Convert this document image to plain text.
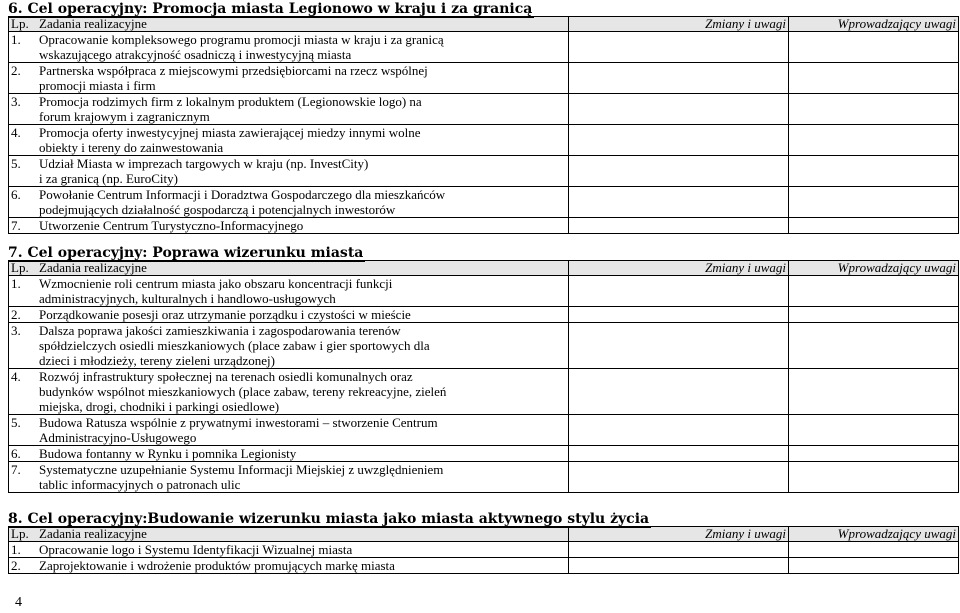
6. Cel operacyjny: Promocja miasta Legionowo w kraju i za granicą
Lp. Zadania realizacyjne	Zmiany i uwagi	Wprowadzający uwagi

1. Opracowanie kompleksowego programu promocji miasta w kraju i za granicą
wskazującego atrakcyjność osadniczą i inwestycyjną miasta		

2. Partnerska współpraca z miejscowymi przedsiębiorcami na rzecz wspólnej
promocji miasta i firm		

3. Promocja rodzimych firm z lokalnym produktem (Legionowskie logo) na
forum krajowym i zagranicznym		

4. Promocja oferty inwestycyjnej miasta zawierającej miedzy innymi wolne
obiekty i tereny do zainwestowania		

5. Udział Miasta w imprezach targowych w kraju (np. InvestCity)
i za granicą (np. EuroCity)		

6. Powołanie Centrum Informacji i Doradztwa Gospodarczego dla mieszkańców
podejmujących działalność gospodarczą i potencjalnych inwestorów		

7. Utworzenie Centrum Turystyczno-Informacyjnego		

7. Cel operacyjny: Poprawa wizerunku miasta
Lp. Zadania realizacyjne	Zmiany i uwagi	Wprowadzający uwagi

1. Wzmocnienie roli centrum miasta jako obszaru koncentracji funkcji
administracyjnych, kulturalnych i handlowo-usługowych		

2. Porządkowanie posesji oraz utrzymanie porządku i czystości w mieście		

3. Dalsza poprawa jakości zamieszkiwania i zagospodarowania terenów
spółdzielczych osiedli mieszkaniowych (place zabaw i gier sportowych dla
dzieci i młodzieży, tereny zieleni urządzonej)		

4. Rozwój infrastruktury społecznej na terenach osiedli komunalnych oraz
budynków wspólnot mieszkaniowych (place zabaw, tereny rekreacyjne, zieleń
miejska, drogi, chodniki i parkingi osiedlowe)		

5. Budowa Ratusza wspólnie z prywatnymi inwestorami – stworzenie Centrum
Administracyjno-Usługowego		

6. Budowa fontanny w Rynku i pomnika Legionisty		

7. Systematyczne uzupełnianie Systemu Informacji Miejskiej z uwzględnieniem
tablic informacyjnych o patronach ulic		

8. Cel operacyjny:Budowanie wizerunku miasta jako miasta aktywnego stylu życia
Lp. Zadania realizacyjne	Zmiany i uwagi	Wprowadzający uwagi

1. Opracowanie logo i Systemu Identyfikacji Wizualnej miasta		

2. Zaprojektowanie i wdrożenie produktów promujących markę miasta		

4
